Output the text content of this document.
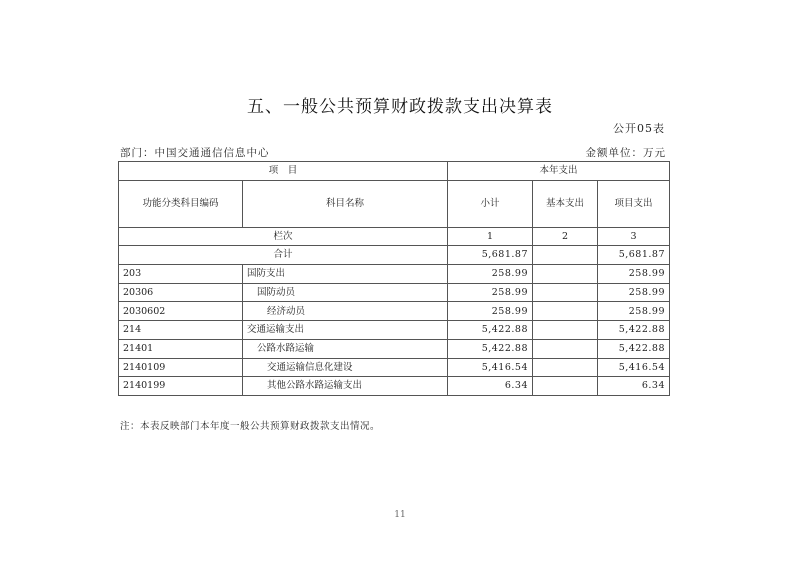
五、一般公共预算财政拨款支出决算表
公开05表
部门：中国交通通信信息中心	金额单位：万元
项　目		本年支出		
功能分类科目编码	科目名称	小计	基本支出	项目支出
栏次		1	2	3
合计		5,681.87		5,681.87
203	国防支出	258.99		258.99
20306	国防动员	258.99		258.99
2030602	经济动员	258.99		258.99
214	交通运输支出	5,422.88		5,422.88
21401	公路水路运输	5,422.88		5,422.88
2140109	交通运输信息化建设	5,416.54		5,416.54
2140199	其他公路水路运输支出	6.34		6.34
注：本表反映部门本年度一般公共预算财政拨款支出情况。
11
